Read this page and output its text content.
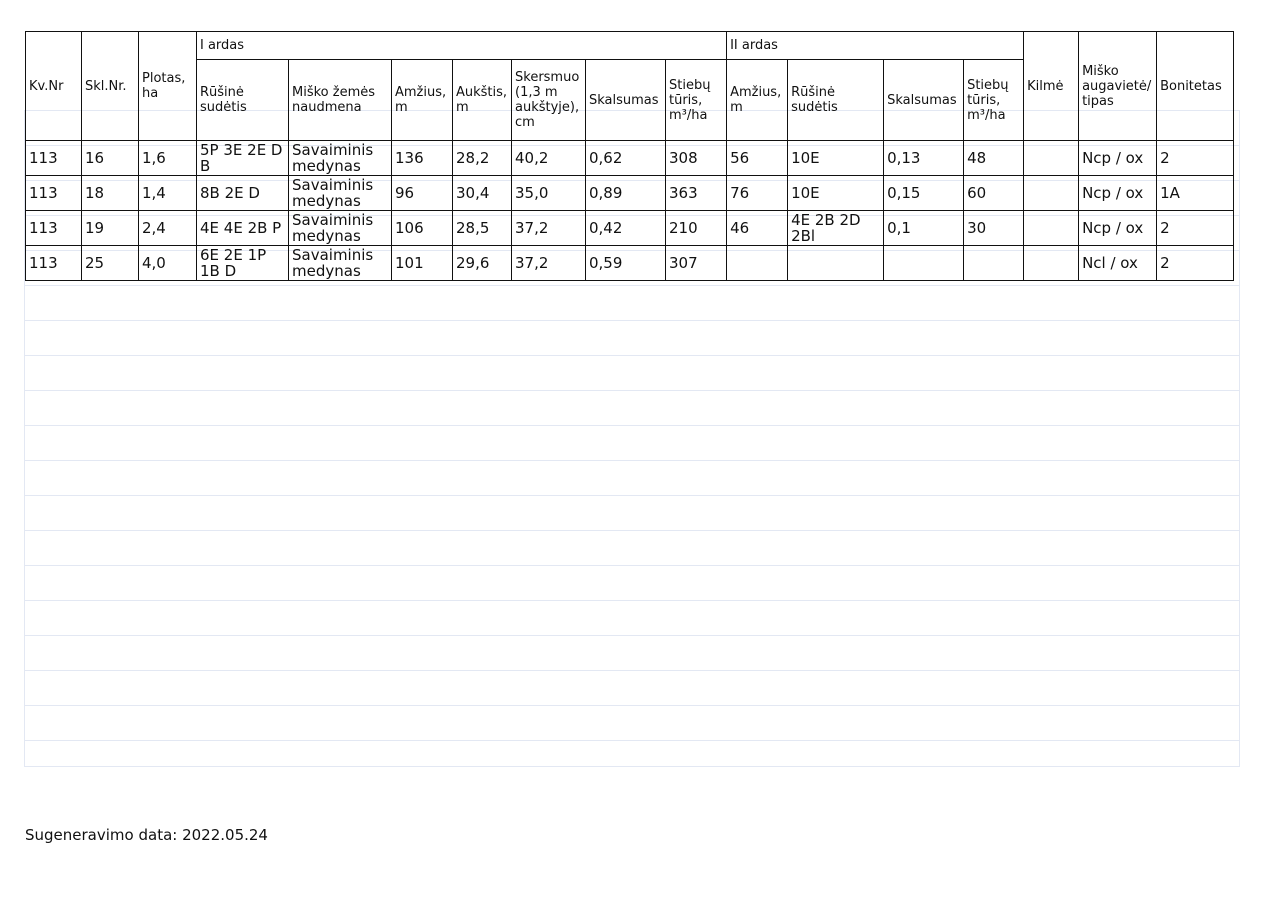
Kv.Nr	Skl.Nr.	Plotas, ha	I ardas							II ardas				Kilmė	Miško augavietė/ tipas	Bonitetas
			Rūšinė sudėtis	Miško žemės naudmena	Amžius, m	Aukštis, m	Skersmuo (1,3 m aukštyje), cm	Skalsumas	Stiebų tūris, m³/ha	Amžius, m	Rūšinė sudėtis	Skalsumas	Stiebų tūris, m³/ha			
113	16	1,6	5P 3E 2E D B	Savaiminis medynas	136	28,2	40,2	0,62	308	56	10E	0,13	48		Ncp / ox	2
113	18	1,4	8B 2E D	Savaiminis medynas	96	30,4	35,0	0,89	363	76	10E	0,15	60		Ncp / ox	1A
113	19	2,4	4E 4E 2B P	Savaiminis medynas	106	28,5	37,2	0,42	210	46	4E 2B 2D 2Bl	0,1	30		Ncp / ox	2
113	25	4,0	6E 2E 1P 1B D	Savaiminis medynas	101	29,6	37,2	0,59	307						Ncl / ox	2
Sugeneravimo data: 2022.05.24
